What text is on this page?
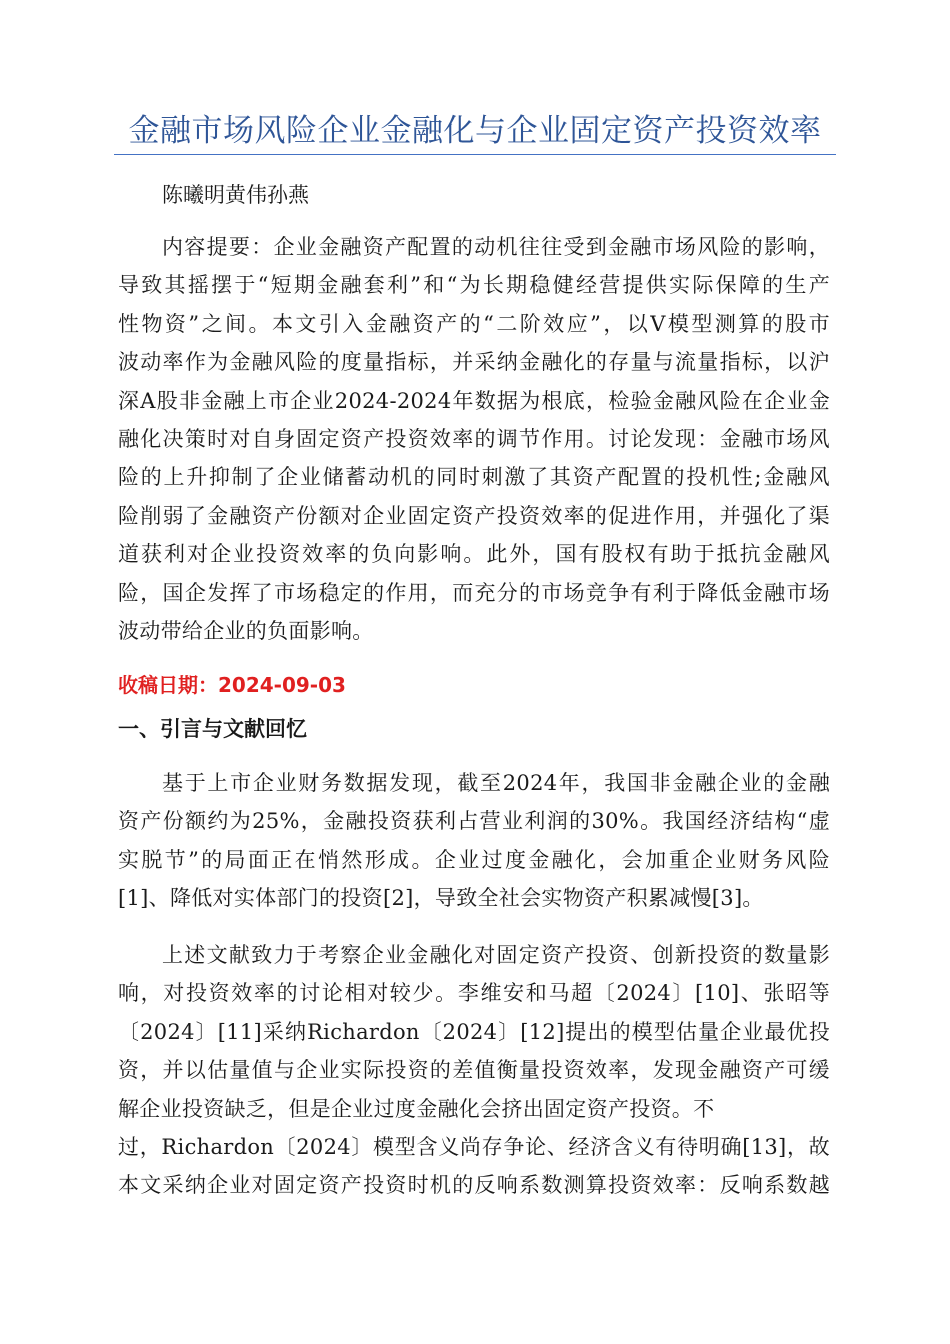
金融市场风险企业金融化与企业固定资产投资效率
陈曦明黄伟孙燕
内容提要：企业金融资产配置的动机往往受到金融市场风险的影响，
导致其摇摆于“短期金融套利”和“为长期稳健经营提供实际保障的生产
性物资”之间。本文引入金融资产的“二阶效应”，以V模型测算的股市
波动率作为金融风险的度量指标，并采纳金融化的存量与流量指标，以沪
深A股非金融上市企业2024-2024年数据为根底，检验金融风险在企业金
融化决策时对自身固定资产投资效率的调节作用。讨论发现：金融市场风
险的上升抑制了企业储蓄动机的同时刺激了其资产配置的投机性;金融风
险削弱了金融资产份额对企业固定资产投资效率的促进作用，并强化了渠
道获利对企业投资效率的负向影响。此外，国有股权有助于抵抗金融风
险，国企发挥了市场稳定的作用，而充分的市场竞争有利于降低金融市场
波动带给企业的负面影响。
收稿日期：2024-09-03
一、引言与文献回忆
基于上市企业财务数据发现，截至2024年，我国非金融企业的金融
资产份额约为25%，金融投资获利占营业利润的30%。我国经济结构“虚
实脱节”的局面正在悄然形成。企业过度金融化，会加重企业财务风险
[1]、降低对实体部门的投资[2]，导致全社会实物资产积累减慢[3]。
上述文献致力于考察企业金融化对固定资产投资、创新投资的数量影
响，对投资效率的讨论相对较少。李维安和马超〔2024〕[10]、张昭等
〔2024〕[11]采纳Richardon〔2024〕[12]提出的模型估量企业最优投
资，并以估量值与企业实际投资的差值衡量投资效率，发现金融资产可缓
解企业投资缺乏，但是企业过度金融化会挤出固定资产投资。不
过，Richardon〔2024〕模型含义尚存争论、经济含义有待明确[13]，故
本文采纳企业对固定资产投资时机的反响系数测算投资效率：反响系数越
